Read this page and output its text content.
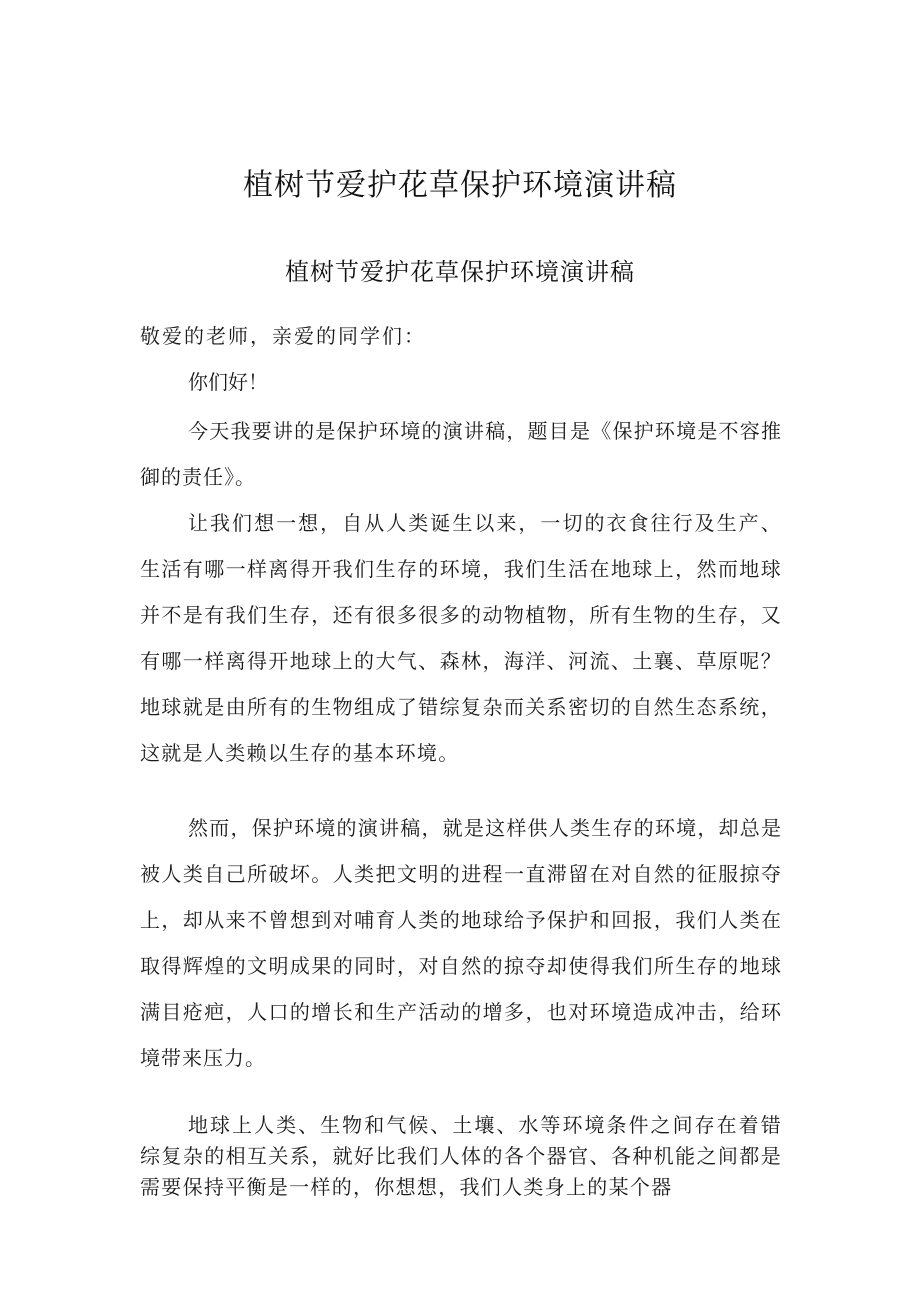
植树节爱护花草保护环境演讲稿
植树节爱护花草保护环境演讲稿

敬爱的老师，亲爱的同学们：

你们好！

今天我要讲的是保护环境的演讲稿，题目是《保护环境是不容推御的责任》。

让我们想一想，自从人类诞生以来，一切的衣食往行及生产、生活有哪一样离得开我们生存的环境，我们生活在地球上，然而地球并不是有我们生存，还有很多很多的动物植物，所有生物的生存，又有哪一样离得开地球上的大气、森林，海洋、河流、土襄、草原呢？地球就是由所有的生物组成了错综复杂而关系密切的自然生态系统，这就是人类赖以生存的基本环境。

然而，保护环境的演讲稿，就是这样供人类生存的环境，却总是被人类自己所破坏。人类把文明的进程一直滞留在对自然的征服掠夺上，却从来不曾想到对哺育人类的地球给予保护和回报，我们人类在取得辉煌的文明成果的同时，对自然的掠夺却使得我们所生存的地球满目疮疤，人口的增长和生产活动的增多，也对环境造成冲击，给环境带来压力。

地球上人类、生物和气候、土壤、水等环境条件之间存在着错综复杂的相互关系，就好比我们人体的各个器官、各种机能之间都是需要保持平衡是一样的，你想想，我们人类身上的某个器
